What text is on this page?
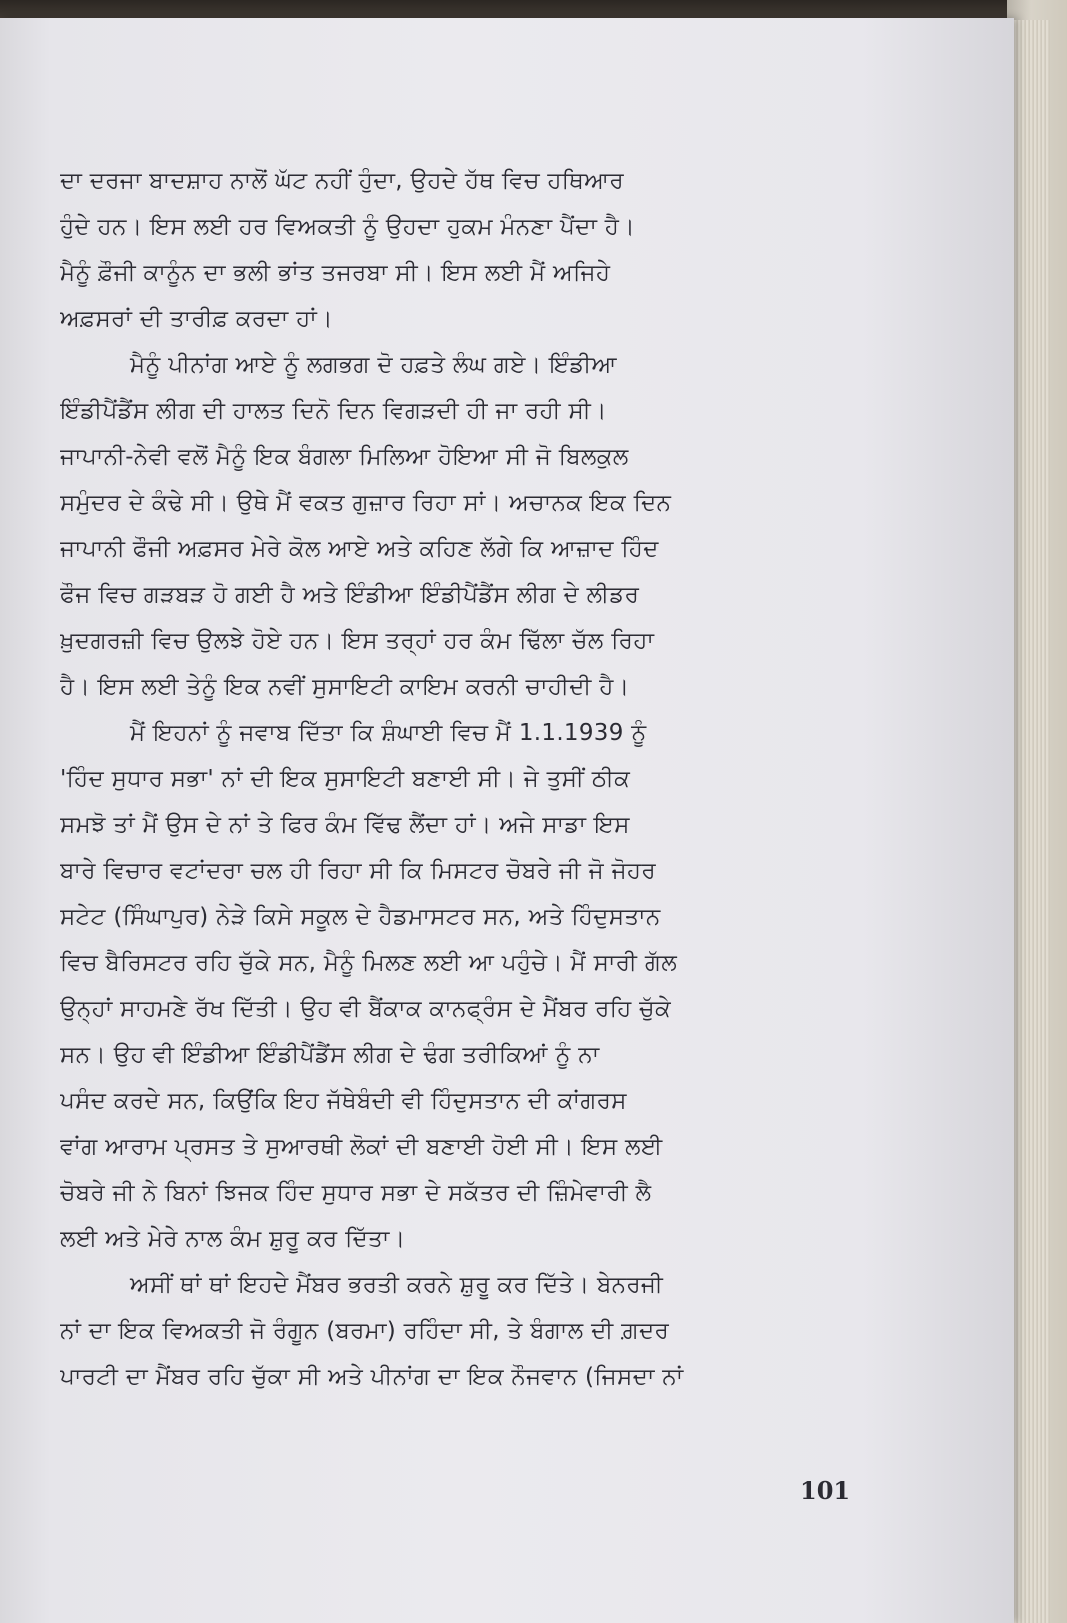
ਦਾ ਦਰਜਾ ਬਾਦਸ਼ਾਹ ਨਾਲੋਂ ਘੱਟ ਨਹੀਂ ਹੁੰਦਾ, ਉਹਦੇ ਹੱਥ ਵਿਚ ਹਥਿਆਰ
ਹੁੰਦੇ ਹਨ। ਇਸ ਲਈ ਹਰ ਵਿਅਕਤੀ ਨੂੰ ਉਹਦਾ ਹੁਕਮ ਮੰਨਣਾ ਪੈਂਦਾ ਹੈ।
ਮੈਨੂੰ ਫ਼ੌਜੀ ਕਾਨੂੰਨ ਦਾ ਭਲੀ ਭਾਂਤ ਤਜਰਬਾ ਸੀ। ਇਸ ਲਈ ਮੈਂ ਅਜਿਹੇ
ਅਫ਼ਸਰਾਂ ਦੀ ਤਾਰੀਫ਼ ਕਰਦਾ ਹਾਂ।
ਮੈਨੂੰ ਪੀਨਾਂਗ ਆਏ ਨੂੰ ਲਗਭਗ ਦੋ ਹਫ਼ਤੇ ਲੰਘ ਗਏ। ਇੰਡੀਆ
ਇੰਡੀਪੈਂਡੈਂਸ ਲੀਗ ਦੀ ਹਾਲਤ ਦਿਨੋ ਦਿਨ ਵਿਗੜਦੀ ਹੀ ਜਾ ਰਹੀ ਸੀ।
ਜਾਪਾਨੀ-ਨੇਵੀ ਵਲੋਂ ਮੈਨੂੰ ਇਕ ਬੰਗਲਾ ਮਿਲਿਆ ਹੋਇਆ ਸੀ ਜੋ ਬਿਲਕੁਲ
ਸਮੁੰਦਰ ਦੇ ਕੰਢੇ ਸੀ। ਉਥੇ ਮੈਂ ਵਕਤ ਗੁਜ਼ਾਰ ਰਿਹਾ ਸਾਂ। ਅਚਾਨਕ ਇਕ ਦਿਨ
ਜਾਪਾਨੀ ਫੌਜੀ ਅਫ਼ਸਰ ਮੇਰੇ ਕੋਲ ਆਏ ਅਤੇ ਕਹਿਣ ਲੱਗੇ ਕਿ ਆਜ਼ਾਦ ਹਿੰਦ
ਫੌਜ ਵਿਚ ਗੜਬੜ ਹੋ ਗਈ ਹੈ ਅਤੇ ਇੰਡੀਆ ਇੰਡੀਪੈਂਡੈਂਸ ਲੀਗ ਦੇ ਲੀਡਰ
ਖ਼ੁਦਗਰਜ਼ੀ ਵਿਚ ਉਲਝੇ ਹੋਏ ਹਨ। ਇਸ ਤਰ੍ਹਾਂ ਹਰ ਕੰਮ ਢਿੱਲਾ ਚੱਲ ਰਿਹਾ
ਹੈ। ਇਸ ਲਈ ਤੇਨੂੰ ਇਕ ਨਵੀਂ ਸੁਸਾਇਟੀ ਕਾਇਮ ਕਰਨੀ ਚਾਹੀਦੀ ਹੈ।
ਮੈਂ ਇਹਨਾਂ ਨੂੰ ਜਵਾਬ ਦਿੱਤਾ ਕਿ ਸ਼ੰਘਾਈ ਵਿਚ ਮੈਂ 1.1.1939 ਨੂੰ
'ਹਿੰਦ ਸੁਧਾਰ ਸਭਾ' ਨਾਂ ਦੀ ਇਕ ਸੁਸਾਇਟੀ ਬਣਾਈ ਸੀ। ਜੇ ਤੁਸੀਂ ਠੀਕ
ਸਮਝੋ ਤਾਂ ਮੈਂ ਉਸ ਦੇ ਨਾਂ ਤੇ ਫਿਰ ਕੰਮ ਵਿੱਢ ਲੈਂਦਾ ਹਾਂ। ਅਜੇ ਸਾਡਾ ਇਸ
ਬਾਰੇ ਵਿਚਾਰ ਵਟਾਂਦਰਾ ਚਲ ਹੀ ਰਿਹਾ ਸੀ ਕਿ ਮਿਸਟਰ ਚੋਬਰੇ ਜੀ ਜੋ ਜੋਹਰ
ਸਟੇਟ (ਸਿੰਘਾਪੁਰ) ਨੇੜੇ ਕਿਸੇ ਸਕੂਲ ਦੇ ਹੈਡਮਾਸਟਰ ਸਨ, ਅਤੇ ਹਿੰਦੁਸਤਾਨ
ਵਿਚ ਬੈਰਿਸਟਰ ਰਹਿ ਚੁੱਕੇ ਸਨ, ਮੈਨੂੰ ਮਿਲਣ ਲਈ ਆ ਪਹੁੰਚੇ। ਮੈਂ ਸਾਰੀ ਗੱਲ
ਉਨ੍ਹਾਂ ਸਾਹਮਣੇ ਰੱਖ ਦਿੱਤੀ। ਉਹ ਵੀ ਬੈਂਕਾਕ ਕਾਨਫ੍ਰੰਸ ਦੇ ਮੈਂਬਰ ਰਹਿ ਚੁੱਕੇ
ਸਨ। ਉਹ ਵੀ ਇੰਡੀਆ ਇੰਡੀਪੈਂਡੈਂਸ ਲੀਗ ਦੇ ਢੰਗ ਤਰੀਕਿਆਂ ਨੂੰ ਨਾ
ਪਸੰਦ ਕਰਦੇ ਸਨ, ਕਿਉਂਕਿ ਇਹ ਜੱਥੇਬੰਦੀ ਵੀ ਹਿੰਦੁਸਤਾਨ ਦੀ ਕਾਂਗਰਸ
ਵਾਂਗ ਆਰਾਮ ਪ੍ਰਸਤ ਤੇ ਸੁਆਰਥੀ ਲੋਕਾਂ ਦੀ ਬਣਾਈ ਹੋਈ ਸੀ। ਇਸ ਲਈ
ਚੋਬਰੇ ਜੀ ਨੇ ਬਿਨਾਂ ਝਿਜਕ ਹਿੰਦ ਸੁਧਾਰ ਸਭਾ ਦੇ ਸਕੱਤਰ ਦੀ ਜ਼ਿੰਮੇਵਾਰੀ ਲੈ
ਲਈ ਅਤੇ ਮੇਰੇ ਨਾਲ ਕੰਮ ਸ਼ੁਰੂ ਕਰ ਦਿੱਤਾ।
ਅਸੀਂ ਥਾਂ ਥਾਂ ਇਹਦੇ ਮੈਂਬਰ ਭਰਤੀ ਕਰਨੇ ਸ਼ੁਰੂ ਕਰ ਦਿੱਤੇ। ਬੇਨਰਜੀ
ਨਾਂ ਦਾ ਇਕ ਵਿਅਕਤੀ ਜੋ ਰੰਗੂਨ (ਬਰਮਾ) ਰਹਿੰਦਾ ਸੀ, ਤੇ ਬੰਗਾਲ ਦੀ ਗ਼ਦਰ
ਪਾਰਟੀ ਦਾ ਮੈਂਬਰ ਰਹਿ ਚੁੱਕਾ ਸੀ ਅਤੇ ਪੀਨਾਂਗ ਦਾ ਇਕ ਨੌਜਵਾਨ (ਜਿਸਦਾ ਨਾਂ
101
